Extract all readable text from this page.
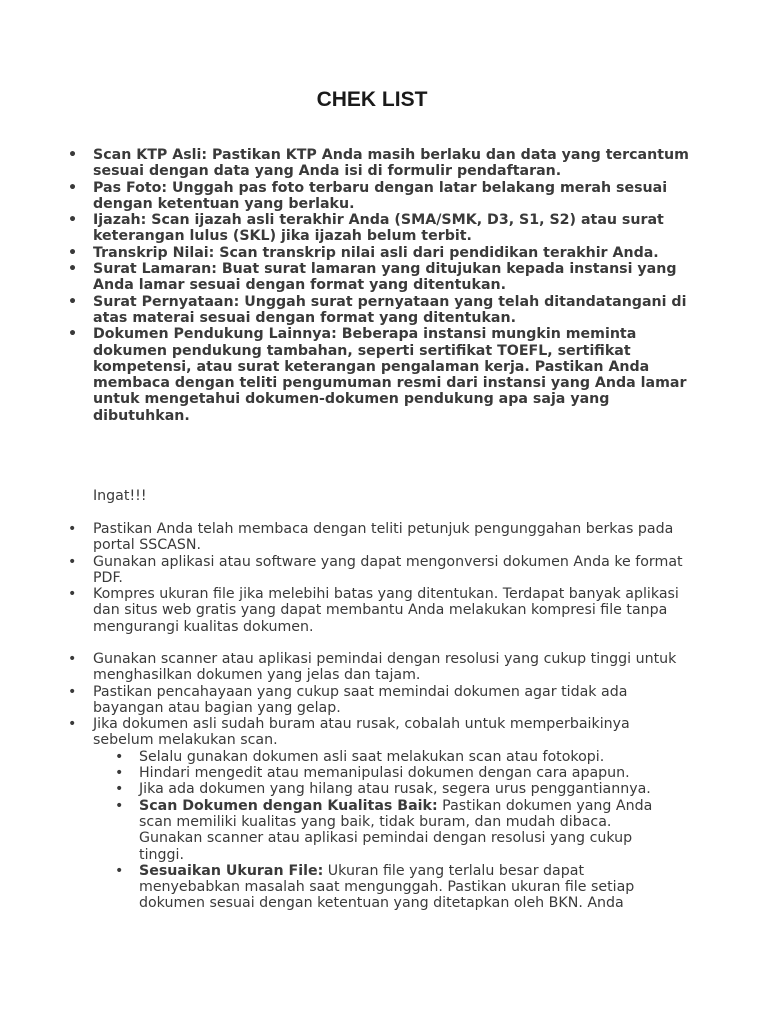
CHEK LIST
• Scan KTP Asli: Pastikan KTP Anda masih berlaku dan data yang tercantum sesuai dengan data yang Anda isi di formulir pendaftaran.
• Pas Foto: Unggah pas foto terbaru dengan latar belakang merah sesuai dengan ketentuan yang berlaku.
• Ijazah: Scan ijazah asli terakhir Anda (SMA/SMK, D3, S1, S2) atau surat keterangan lulus (SKL) jika ijazah belum terbit.
• Transkrip Nilai: Scan transkrip nilai asli dari pendidikan terakhir Anda.
• Surat Lamaran: Buat surat lamaran yang ditujukan kepada instansi yang Anda lamar sesuai dengan format yang ditentukan.
• Surat Pernyataan: Unggah surat pernyataan yang telah ditandatangani di atas materai sesuai dengan format yang ditentukan.
• Dokumen Pendukung Lainnya: Beberapa instansi mungkin meminta dokumen pendukung tambahan, seperti sertifikat TOEFL, sertifikat kompetensi, atau surat keterangan pengalaman kerja. Pastikan Anda membaca dengan teliti pengumuman resmi dari instansi yang Anda lamar untuk mengetahui dokumen-dokumen pendukung apa saja yang dibutuhkan.
Ingat!!!
• Pastikan Anda telah membaca dengan teliti petunjuk pengunggahan berkas pada portal SSCASN.
• Gunakan aplikasi atau software yang dapat mengonversi dokumen Anda ke format PDF.
• Kompres ukuran file jika melebihi batas yang ditentukan. Terdapat banyak aplikasi dan situs web gratis yang dapat membantu Anda melakukan kompresi file tanpa mengurangi kualitas dokumen.
• Gunakan scanner atau aplikasi pemindai dengan resolusi yang cukup tinggi untuk menghasilkan dokumen yang jelas dan tajam.
• Pastikan pencahayaan yang cukup saat memindai dokumen agar tidak ada bayangan atau bagian yang gelap.
• Jika dokumen asli sudah buram atau rusak, cobalah untuk memperbaikinya sebelum melakukan scan.
• Selalu gunakan dokumen asli saat melakukan scan atau fotokopi.
• Hindari mengedit atau memanipulasi dokumen dengan cara apapun.
• Jika ada dokumen yang hilang atau rusak, segera urus penggantiannya.
• Scan Dokumen dengan Kualitas Baik: Pastikan dokumen yang Anda scan memiliki kualitas yang baik, tidak buram, dan mudah dibaca. Gunakan scanner atau aplikasi pemindai dengan resolusi yang cukup tinggi.
• Sesuaikan Ukuran File: Ukuran file yang terlalu besar dapat menyebabkan masalah saat mengunggah. Pastikan ukuran file setiap dokumen sesuai dengan ketentuan yang ditetapkan oleh BKN. Anda
